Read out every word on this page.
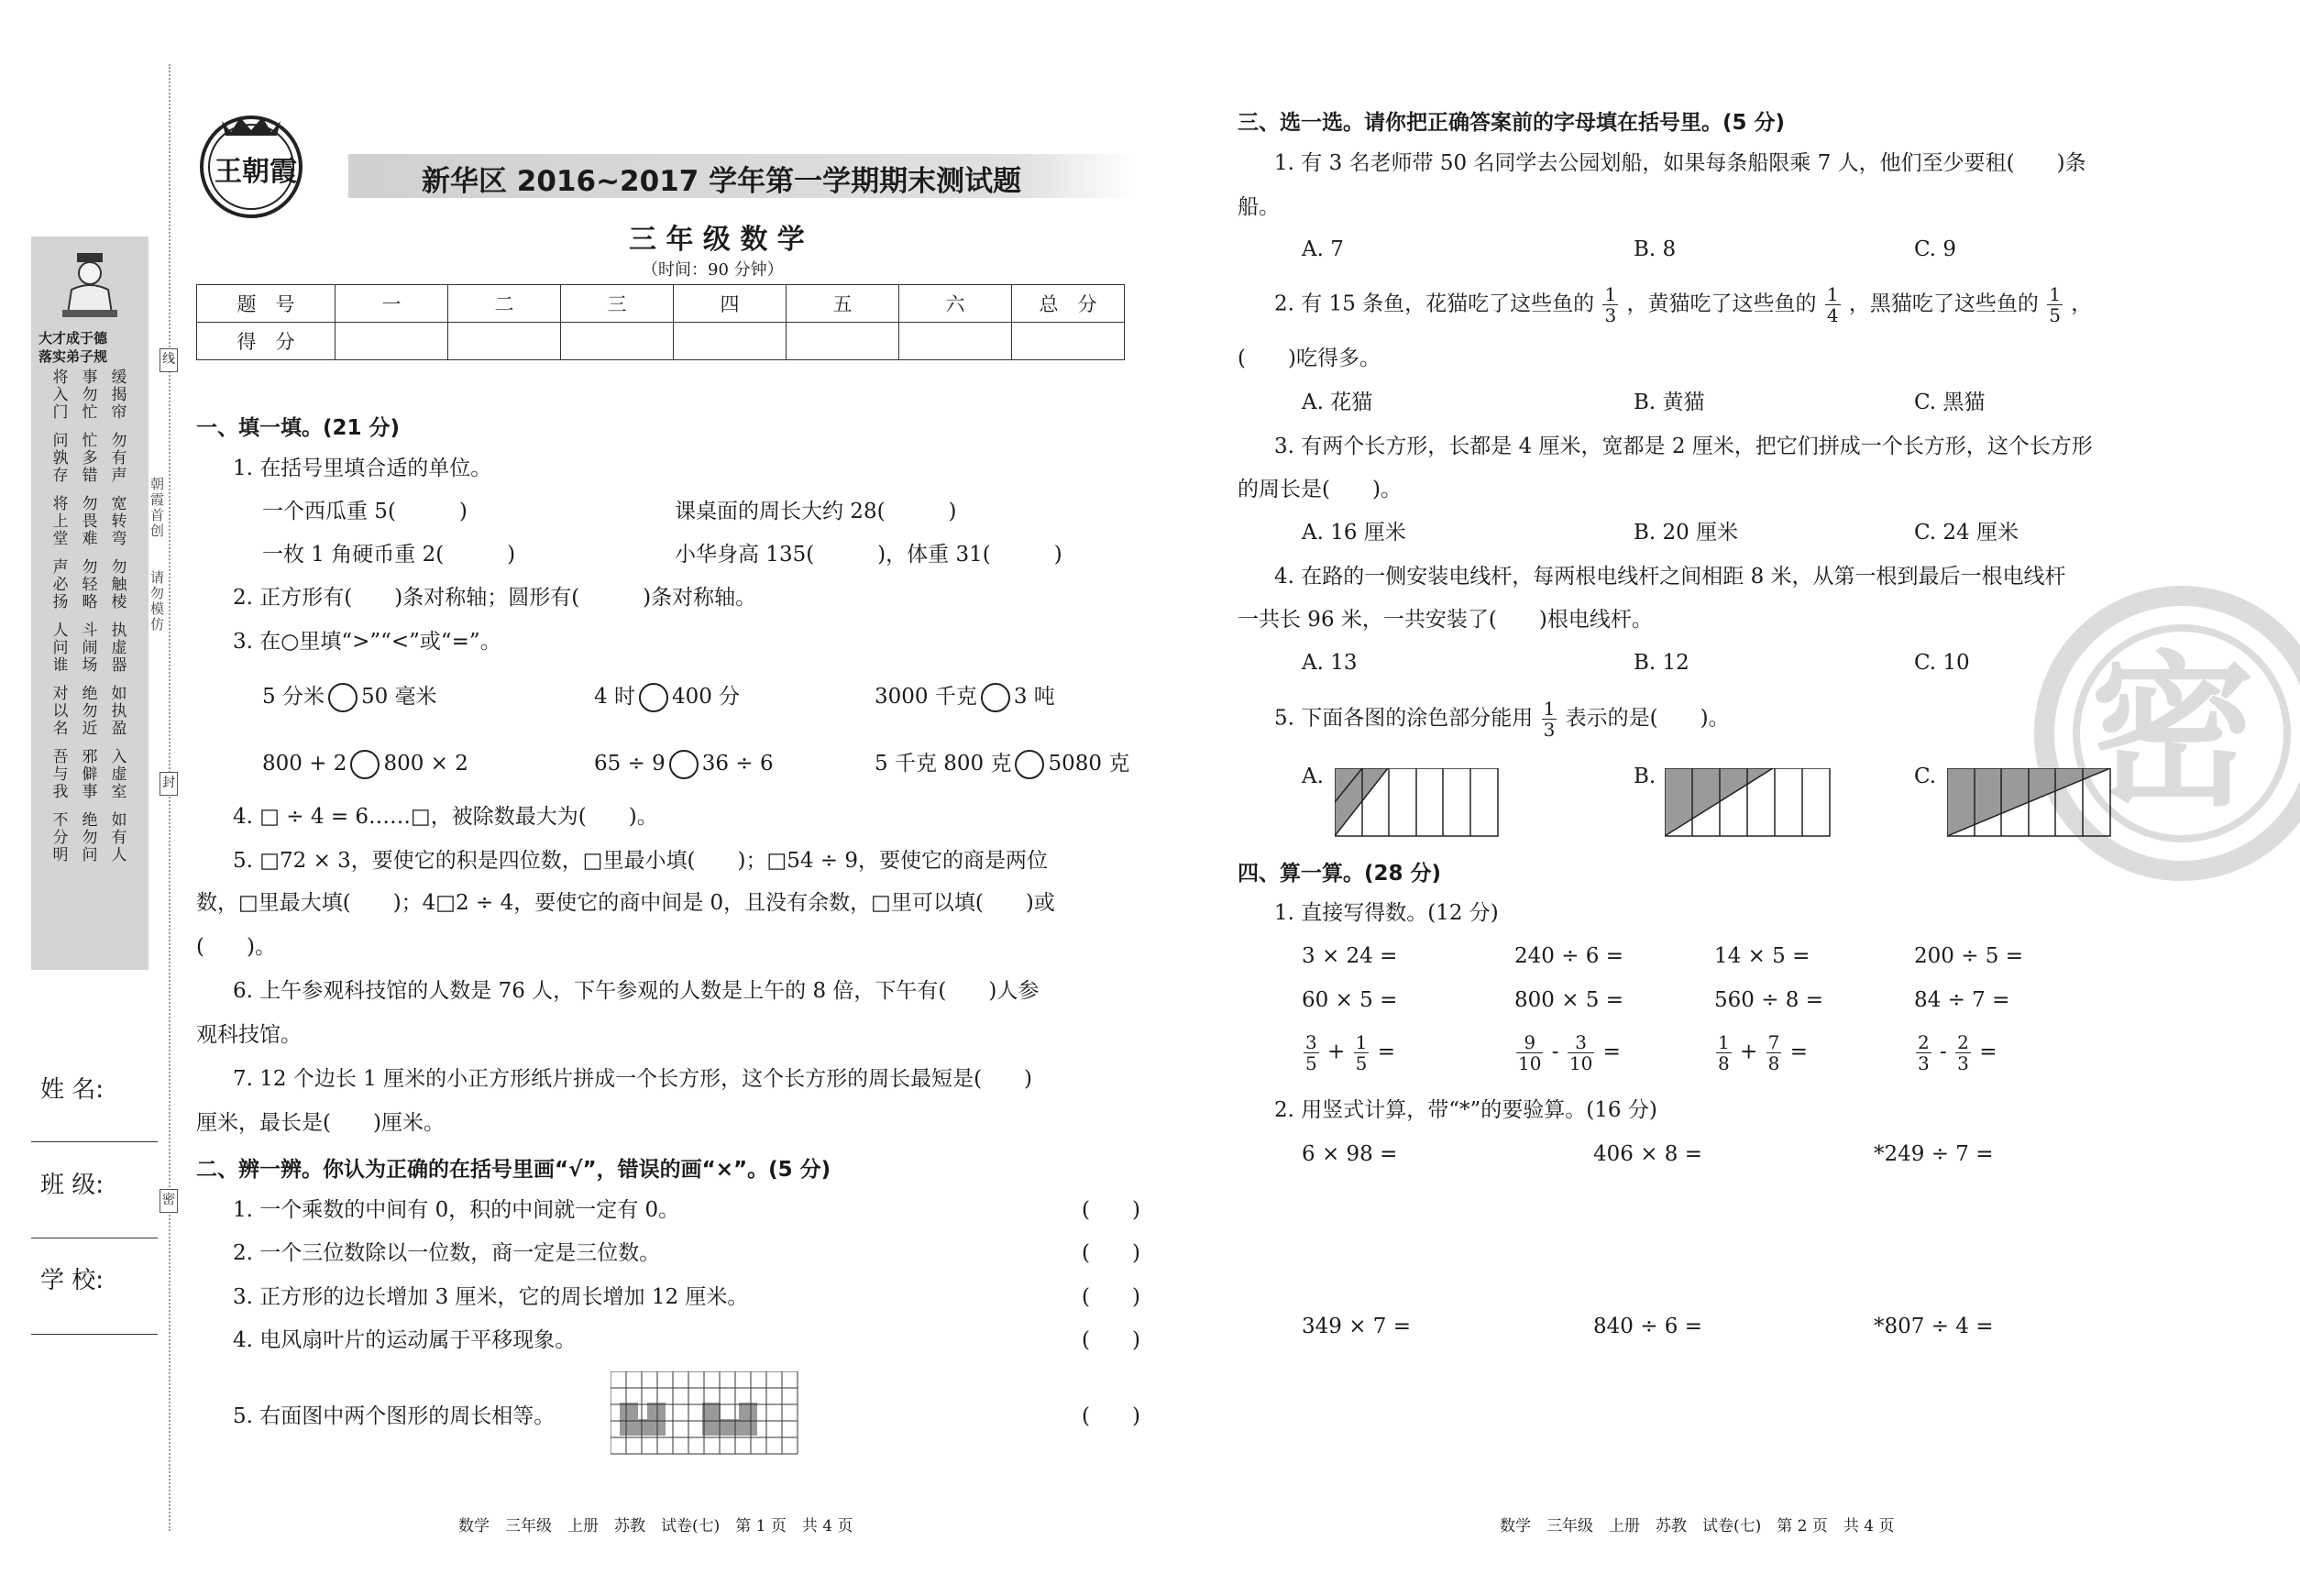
线
封
密
朝霞首创
请勿模仿
大才成于德
落实弟子规
将入门
问孰存
将上堂
声必扬
人问谁
对以名
吾与我
不分明
事勿忙
忙多错
勿畏难
勿轻略
斗闹场
绝勿近
邪僻事
绝勿问
缓揭帘
勿有声
宽转弯
勿触棱
执虚器
如执盈
入虚室
如有人
姓 名:
班 级:
学 校:
王朝霞	新华区 2016~2017 学年第一学期期末测试题
三 年 级 数 学
（时间：90 分钟）
题　号	一	二	三	四	五	六	总　分
得　分							
一、填一填。(21 分)
1. 在括号里填合适的单位。
一个西瓜重 5(　　　)	课桌面的周长大约 28(　　　)
一枚 1 角硬币重 2(　　　)	小华身高 135(　　　)，体重 31(　　　)
2. 正方形有(　　)条对称轴；圆形有(　　　)条对称轴。
3. 在○里填“>”“<”或“=”。
5 分米 50 毫米	4 时 400 分	3000 千克 3 吨
800 + 2 800 × 2	65 ÷ 9 36 ÷ 6	5 千克 800 克 5080 克
4. □ ÷ 4 = 6……□，被除数最大为(　　)。
5. □72 × 3，要使它的积是四位数，□里最小填(　　)；□54 ÷ 9，要使它的商是两位
数，□里最大填(　　)；4□2 ÷ 4，要使它的商中间是 0，且没有余数，□里可以填(　　)或
(　　)。
6. 上午参观科技馆的人数是 76 人，下午参观的人数是上午的 8 倍，下午有(　　)人参
观科技馆。
7. 12 个边长 1 厘米的小正方形纸片拼成一个长方形，这个长方形的周长最短是(　　)
厘米，最长是(　　)厘米。
二、辨一辨。你认为正确的在括号里画“√”，错误的画“×”。(5 分)
1. 一个乘数的中间有 0，积的中间就一定有 0。	(　　)
2. 一个三位数除以一位数，商一定是三位数。	(　　)
3. 正方形的边长增加 3 厘米，它的周长增加 12 厘米。	(　　)
4. 电风扇叶片的运动属于平移现象。	(　　)
5. 右面图中两个图形的周长相等。	(　　)
数学　三年级　上册　苏教　试卷(七)　第 1 页　共 4 页
密
三、选一选。请你把正确答案前的字母填在括号里。(5 分)
1. 有 3 名老师带 50 名同学去公园划船，如果每条船限乘 7 人，他们至少要租(　　)条
船。
A. 7	B. 8	C. 9
2. 有 15 条鱼，花猫吃了这些鱼的 $\frac{1}{3}$ ，黄猫吃了这些鱼的 $\frac{1}{4}$ ，黑猫吃了这些鱼的 $\frac{1}{5}$ ，
(　　)吃得多。
A. 花猫	B. 黄猫	C. 黑猫
3. 有两个长方形，长都是 4 厘米，宽都是 2 厘米，把它们拼成一个长方形，这个长方形
的周长是(　　)。
A. 16 厘米	B. 20 厘米	C. 24 厘米
4. 在路的一侧安装电线杆，每两根电线杆之间相距 8 米，从第一根到最后一根电线杆
一共长 96 米，一共安装了(　　)根电线杆。
A. 13	B. 12	C. 10
5. 下面各图的涂色部分能用 $\frac{1}{3}$ 表示的是(　　)。
A.	B.	C.
四、算一算。(28 分)
1. 直接写得数。(12 分)
3 × 24 =	240 ÷ 6 =	14 × 5 =	200 ÷ 5 =
60 × 5 =	800 × 5 =	560 ÷ 8 =	84 ÷ 7 =
$\frac{3}{5} + \frac{1}{5}$ =	$\frac{9}{10} - \frac{3}{10}$ =	$\frac{1}{8} + \frac{7}{8}$ =	$\frac{2}{3} - \frac{2}{3}$ =
2. 用竖式计算，带“*”的要验算。(16 分)
6 × 98 =	406 × 8 =	*249 ÷ 7 =
349 × 7 =	840 ÷ 6 =	*807 ÷ 4 =
数学　三年级　上册　苏教　试卷(七)　第 2 页　共 4 页
